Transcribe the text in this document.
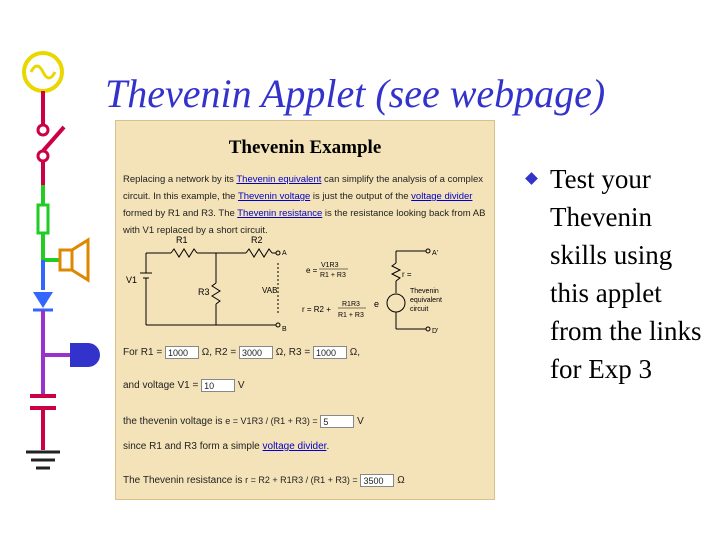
Thevenin Applet (see webpage)
Thevenin Example
Replacing a network by its Thevenin equivalent can simplify the analysis of a complex circuit. In this example, the Thevenin voltage is just the output of the voltage divider formed by R1 and R3. The Thevenin resistance is the resistance looking back from AB with V1 replaced by a short circuit.
R1	R2
R3
V1
VAB
A
B
e =
V1R3
R1 + R3
r = R2 +
R1R3
R1 + R3
A'
D'
r =
e
Thevenin
equivalent
circuit
For R1 = 1000 Ω, R2 = 3000 Ω, R3 = 1000 Ω,
and voltage V1 = 10 V
the thevenin voltage is e = V1R3 / (R1 + R3) = 5	V
since R1 and R3 form a simple voltage divider.
The Thevenin resistance is r = R2 + R1R3 / (R1 + R3) = 3500 Ω
Test your Thevenin skills using this applet from the links for Exp 3
